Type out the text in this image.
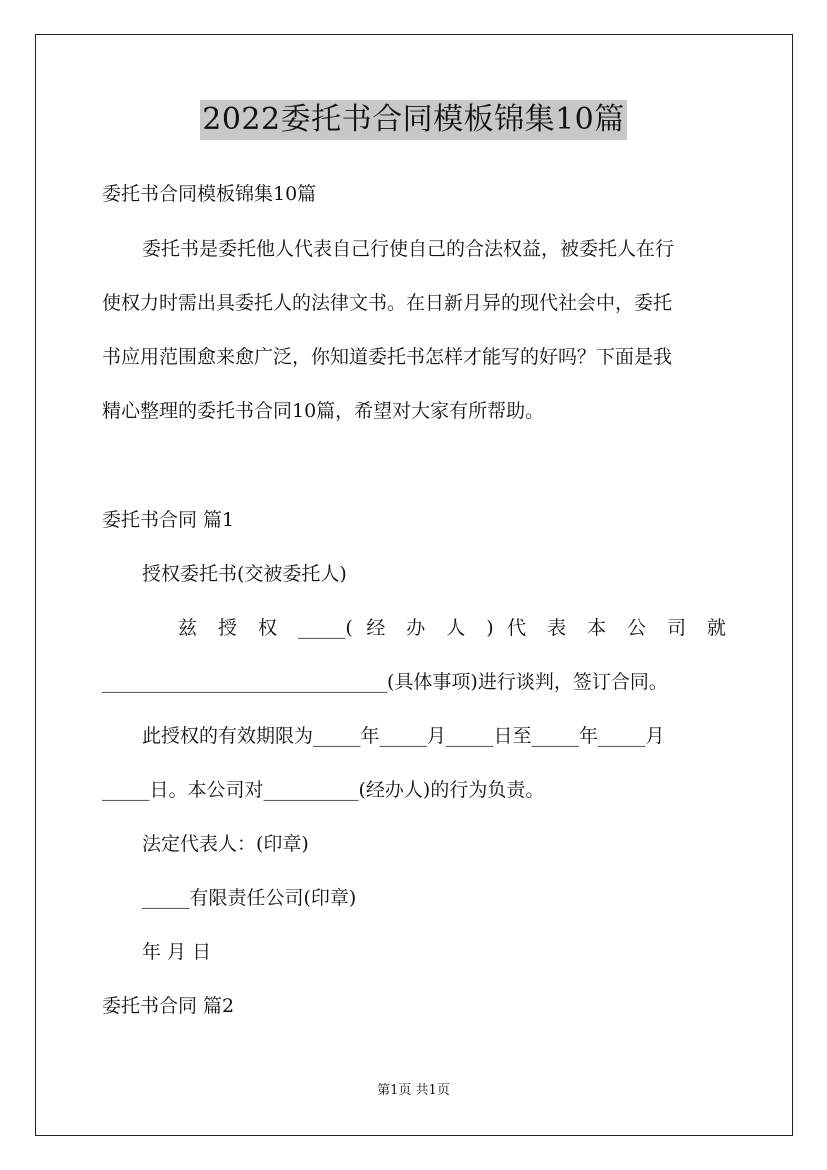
2022委托书合同模板锦集10篇
委托书合同模板锦集10篇
委托书是委托他人代表自己行使自己的合法权益，被委托人在行
使权力时需出具委托人的法律文书。在日新月异的现代社会中，委托
书应用范围愈来愈广泛，你知道委托书怎样才能写的好吗？下面是我
精心整理的委托书合同10篇，希望对大家有所帮助。
委托书合同 篇1
授权委托书(交被委托人)
兹 授 权 _____( 经 办 人 ) 代 表 本 公 司 就
______________________________(具体事项)进行谈判，签订合同。
此授权的有效期限为_____年_____月_____日至_____年_____月
_____日。本公司对__________(经办人)的行为负责。
法定代表人：(印章)
_____有限责任公司(印章)
年 月 日
委托书合同 篇2
第1页 共1页
